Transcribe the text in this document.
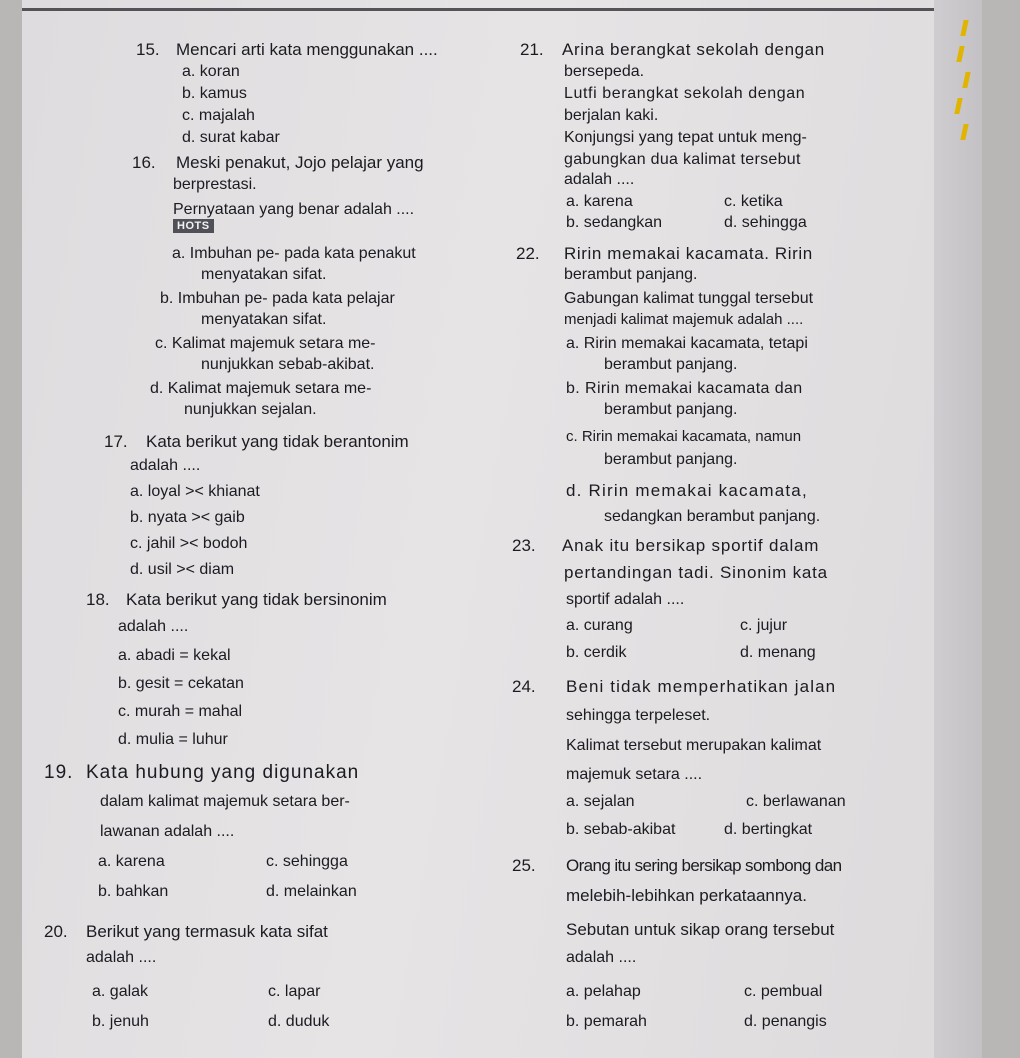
15. Mencari arti kata menggunakan ....
a. koran
b. kamus
c. majalah
d. surat kabar
16. Meski penakut, Jojo pelajar yang
berprestasi.
Pernyataan yang benar adalah ....
HOTS
a. Imbuhan pe- pada kata penakut
menyatakan sifat.
b. Imbuhan pe- pada kata pelajar
menyatakan sifat.
c. Kalimat majemuk setara me-
nunjukkan sebab-akibat.
d. Kalimat majemuk setara me-
nunjukkan sejalan.
17. Kata berikut yang tidak berantonim
adalah ....
a. loyal >< khianat
b. nyata >< gaib
c. jahil >< bodoh
d. usil >< diam
18. Kata berikut yang tidak bersinonim
adalah ....
a. abadi = kekal
b. gesit = cekatan
c. murah = mahal
d. mulia = luhur
19. Kata hubung yang digunakan
dalam kalimat majemuk setara ber-
lawanan adalah ....
a. karena	c. sehingga
b. bahkan	d. melainkan
20. Berikut yang termasuk kata sifat
adalah ....
a. galak	c. lapar
b. jenuh	d. duduk
21. Arina berangkat sekolah dengan
bersepeda.
Lutfi berangkat sekolah dengan
berjalan kaki.
Konjungsi yang tepat untuk meng-
gabungkan dua kalimat tersebut
adalah ....
a. karena	c. ketika
b. sedangkan	d. sehingga
22. Ririn memakai kacamata. Ririn
berambut panjang.
Gabungan kalimat tunggal tersebut
menjadi kalimat majemuk adalah ....
a. Ririn memakai kacamata, tetapi
berambut panjang.
b. Ririn memakai kacamata dan
berambut panjang.
c. Ririn memakai kacamata, namun
berambut panjang.
d. Ririn memakai kacamata,
sedangkan berambut panjang.
23. Anak itu bersikap sportif dalam
pertandingan tadi. Sinonim kata
sportif adalah ....
a. curang	c. jujur
b. cerdik	d. menang
24. Beni tidak memperhatikan jalan
sehingga terpeleset.
Kalimat tersebut merupakan kalimat
majemuk setara ....
a. sejalan	c. berlawanan
b. sebab-akibat	d. bertingkat
25. Orang itu sering bersikap sombong dan
melebih-lebihkan perkataannya.
Sebutan untuk sikap orang tersebut
adalah ....
a. pelahap	c. pembual
b. pemarah	d. penangis
